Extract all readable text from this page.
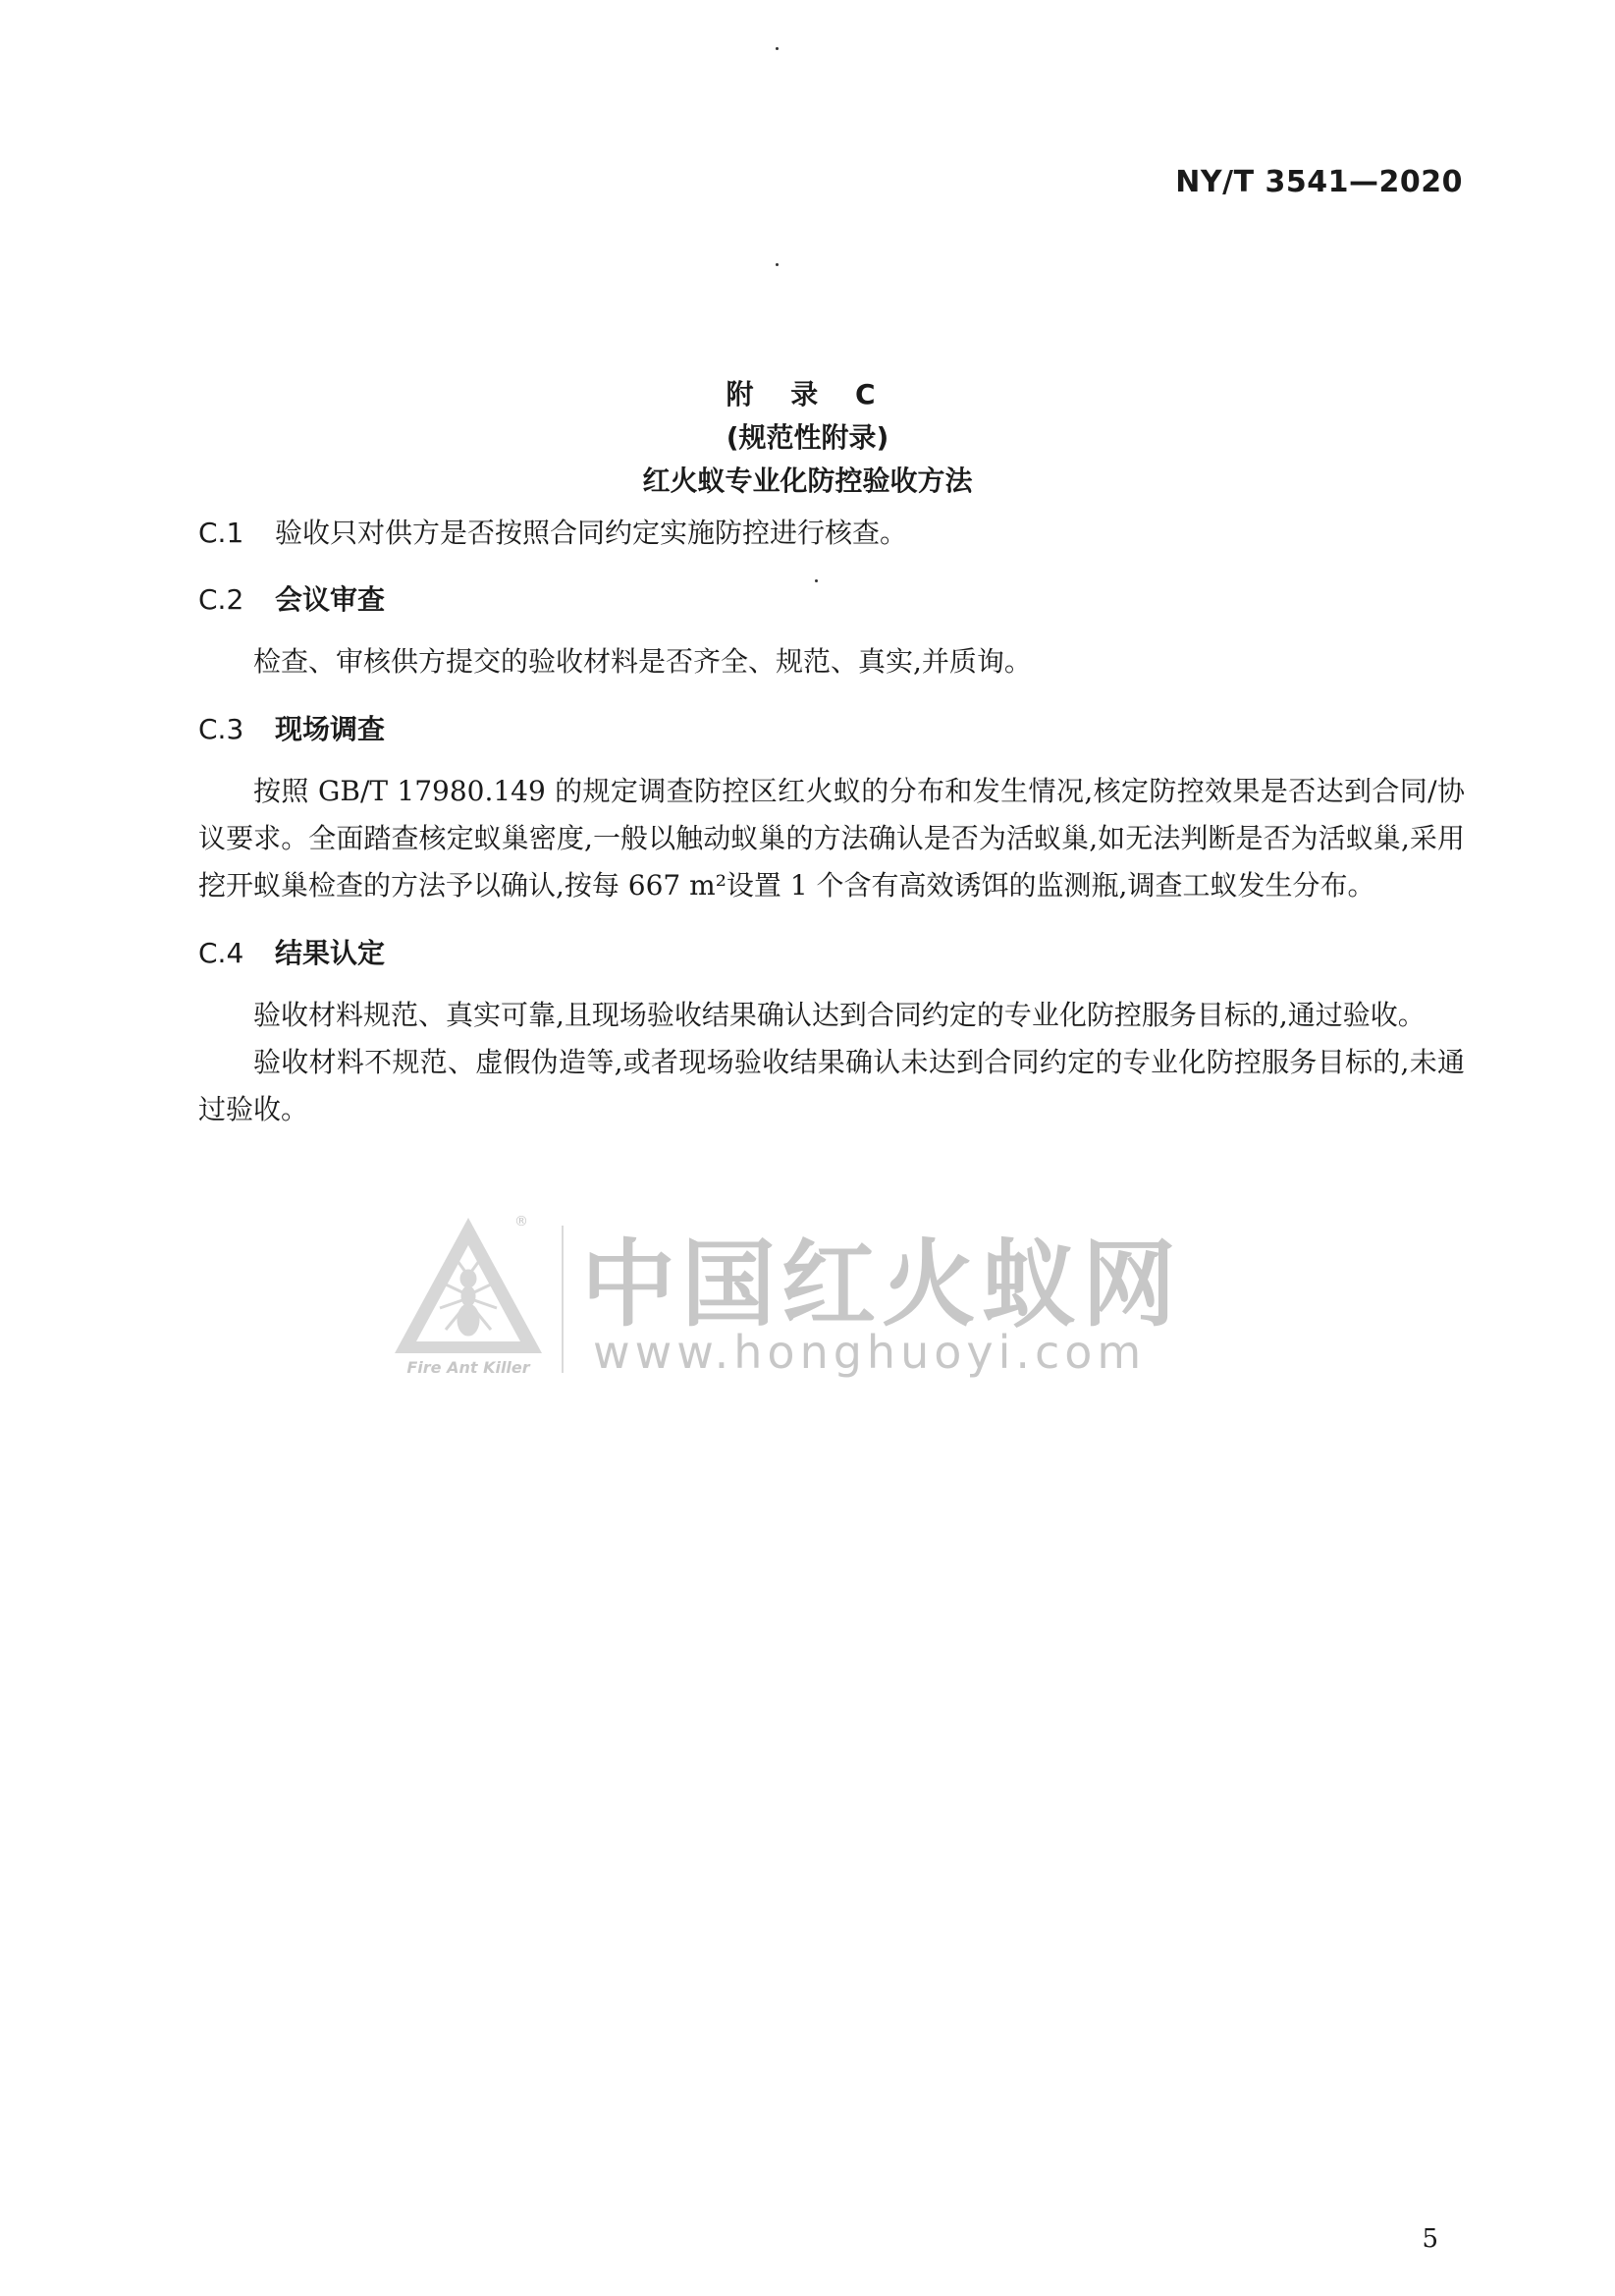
NY/T 3541—2020
附 录 C
(规范性附录)
红火蚁专业化防控验收方法
C.1	验收只对供方是否按照合同约定实施防控进行核查。
C.2	会议审查
检查、审核供方提交的验收材料是否齐全、规范、真实,并质询。
C.3	现场调查
按照 GB/T 17980.149 的规定调查防控区红火蚁的分布和发生情况,核定防控效果是否达到合同/协议要求。全面踏查核定蚁巢密度,一般以触动蚁巢的方法确认是否为活蚁巢,如无法判断是否为活蚁巢,采用挖开蚁巢检查的方法予以确认,按每 667 m²设置 1 个含有高效诱饵的监测瓶,调查工蚁发生分布。
C.4	结果认定
验收材料规范、真实可靠,且现场验收结果确认达到合同约定的专业化防控服务目标的,通过验收。
验收材料不规范、虚假伪造等,或者现场验收结果确认未达到合同约定的专业化防控服务目标的,未通过验收。
Fire Ant Killer
®
中国红火蚁网
www.honghuoyi.com
5
